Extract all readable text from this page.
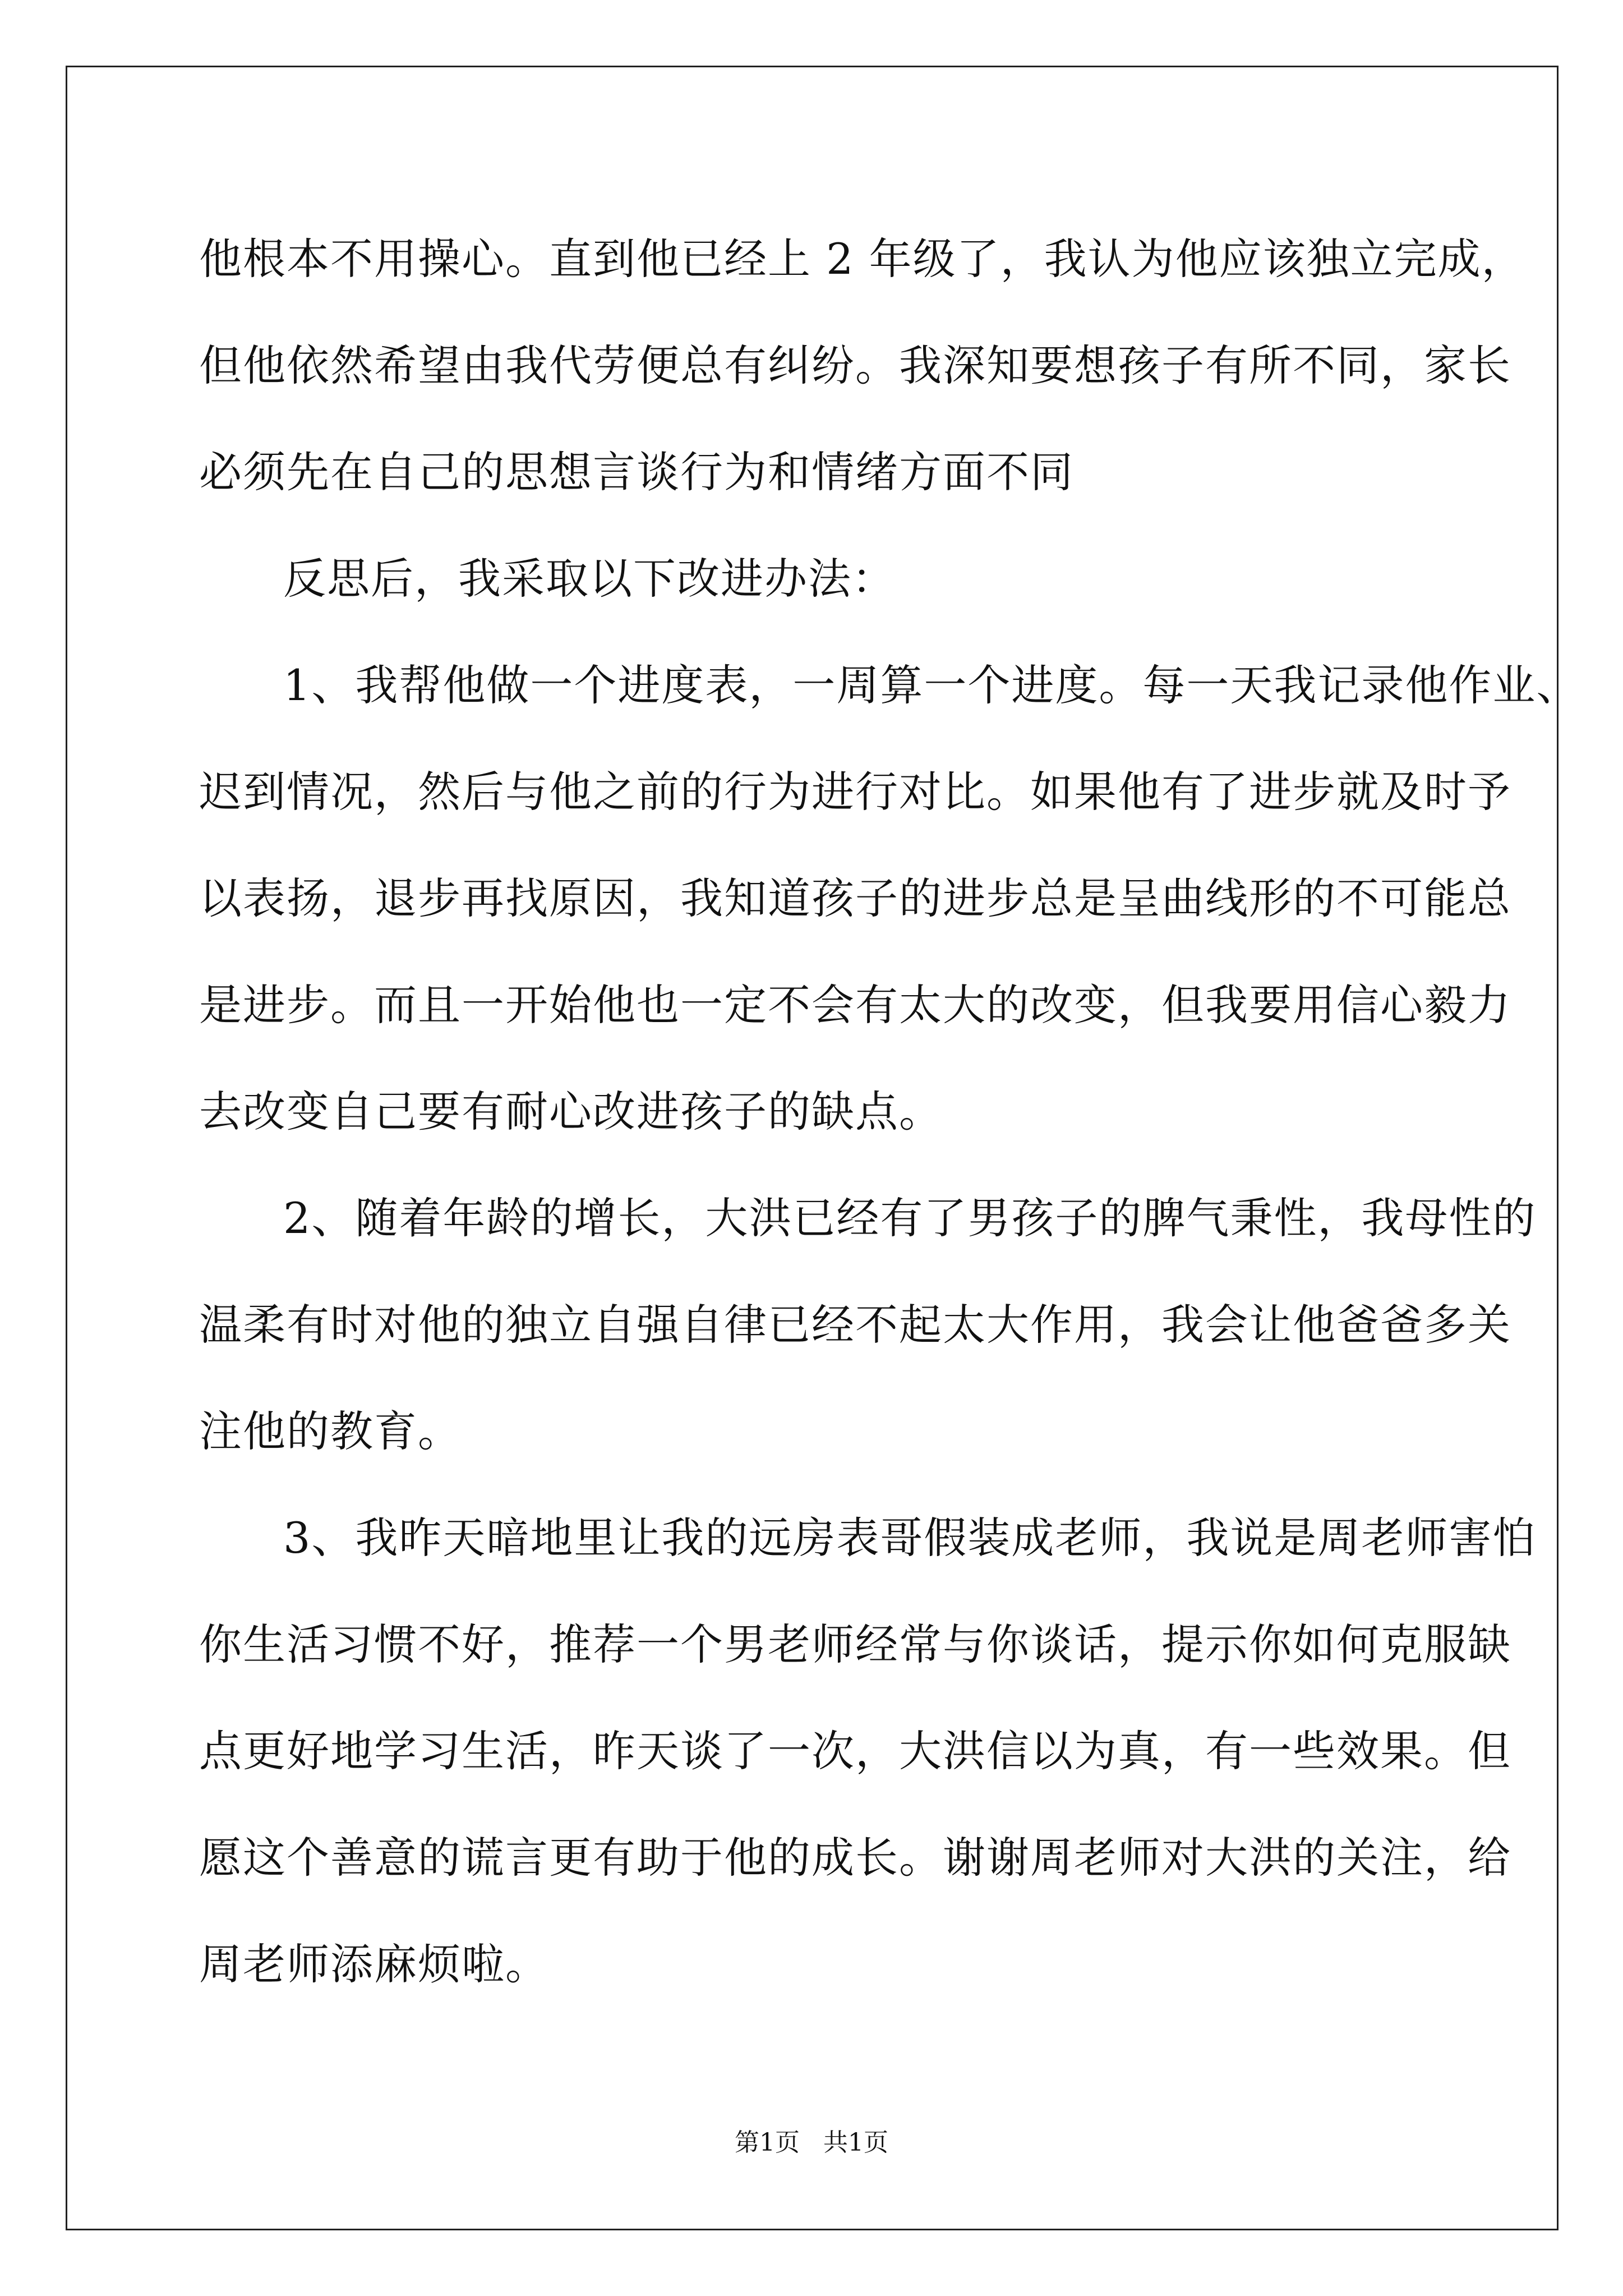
他根本不用操心。直到他已经上 2 年级了，我认为他应该独立完成，
但他依然希望由我代劳便总有纠纷。我深知要想孩子有所不同，家长
必须先在自己的思想言谈行为和情绪方面不同
反思后，我采取以下改进办法：
1、我帮他做一个进度表，一周算一个进度。每一天我记录他作业、
迟到情况，然后与他之前的行为进行对比。如果他有了进步就及时予
以表扬，退步再找原因，我知道孩子的进步总是呈曲线形的不可能总
是进步。而且一开始他也一定不会有太大的改变，但我要用信心毅力
去改变自己要有耐心改进孩子的缺点。
2、随着年龄的增长，大洪已经有了男孩子的脾气秉性，我母性的
温柔有时对他的独立自强自律已经不起太大作用，我会让他爸爸多关
注他的教育。
3、我昨天暗地里让我的远房表哥假装成老师，我说是周老师害怕
你生活习惯不好，推荐一个男老师经常与你谈话，提示你如何克服缺
点更好地学习生活，昨天谈了一次，大洪信以为真，有一些效果。但
愿这个善意的谎言更有助于他的成长。谢谢周老师对大洪的关注，给
周老师添麻烦啦。
第1页   共1页
